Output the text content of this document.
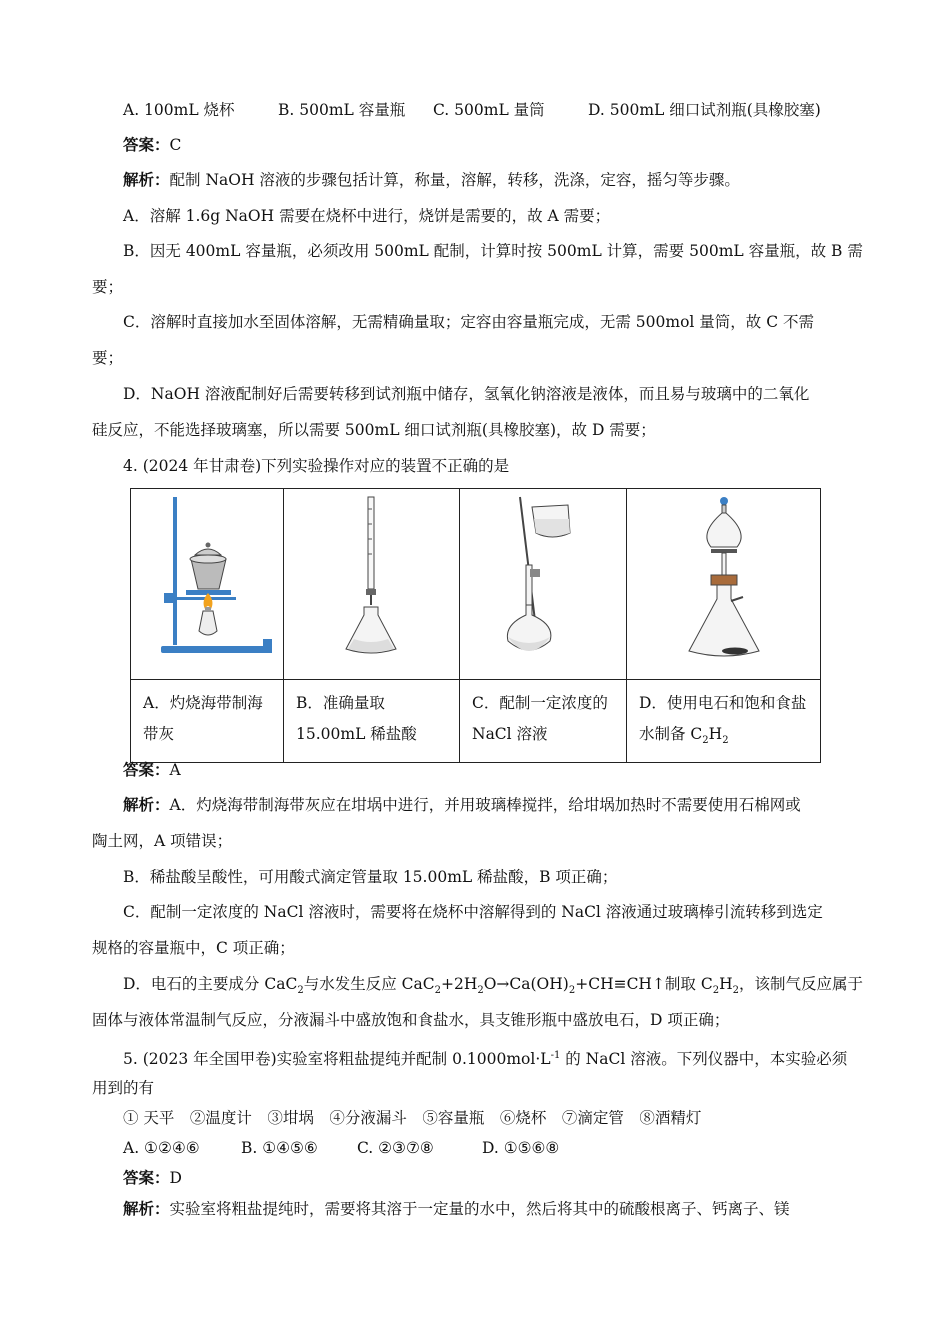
A. 100mL 烧杯	B. 500mL 容量瓶 C. 500mL 量筒	D. 500mL 细口试剂瓶(具橡胶塞)
答案：C
解析：配制 NaOH 溶液的步骤包括计算，称量，溶解，转移，洗涤，定容，摇匀等步骤。
A．溶解 1.6g NaOH 需要在烧杯中进行，烧饼是需要的，故 A 需要；
B．因无 400mL 容量瓶，必须改用 500mL 配制，计算时按 500mL 计算，需要 500mL 容量瓶，故 B 需
要；
C．溶解时直接加水至固体溶解，无需精确量取；定容由容量瓶完成，无需 500mol 量筒，故 C 不需
要；
D．NaOH 溶液配制好后需要转移到试剂瓶中储存，氢氧化钠溶液是液体，而且易与玻璃中的二氧化
硅反应，不能选择玻璃塞，所以需要 500mL 细口试剂瓶(具橡胶塞)，故 D 需要；
4. (2024 年甘肃卷)下列实验操作对应的装置不正确的是

A．灼烧海带制海带灰	B．准确量取 15.00mL 稀盐酸	C．配制一定浓度的 NaCl 溶液	D．使用电石和饱和食盐水制备 $C_2H_2$
答案：A
解析：A．灼烧海带制海带灰应在坩埚中进行，并用玻璃棒搅拌，给坩埚加热时不需要使用石棉网或
陶土网，A 项错误；
B．稀盐酸呈酸性，可用酸式滴定管量取 15.00mL 稀盐酸，B 项正确；
C．配制一定浓度的 NaCl 溶液时，需要将在烧杯中溶解得到的 NaCl 溶液通过玻璃棒引流转移到选定
规格的容量瓶中，C 项正确；
D．电石的主要成分 CaC$_2$与水发生反应 $CaC_2+2H_2O\to Ca(OH)_2+CH\equiv CH↑$制取 $C_2H_2$，该制气反应属于
固体与液体常温制气反应，分液漏斗中盛放饱和食盐水，具支锥形瓶中盛放电石，D 项正确；
5. (2023 年全国甲卷)实验室将粗盐提纯并配制 $0.1000mol\cdot L^{-1}$ 的 NaCl 溶液。下列仪器中，本实验必须
用到的有
① 天平　②温度计　③坩埚　④分液漏斗　⑤容量瓶　⑥烧杯　⑦滴定管　⑧酒精灯
A. ①②④⑥	B. ①④⑤⑥	C. ②③⑦⑧	D. ①⑤⑥⑧
答案：D
解析：实验室将粗盐提纯时，需要将其溶于一定量的水中，然后将其中的硫酸根离子、钙离子、镁
